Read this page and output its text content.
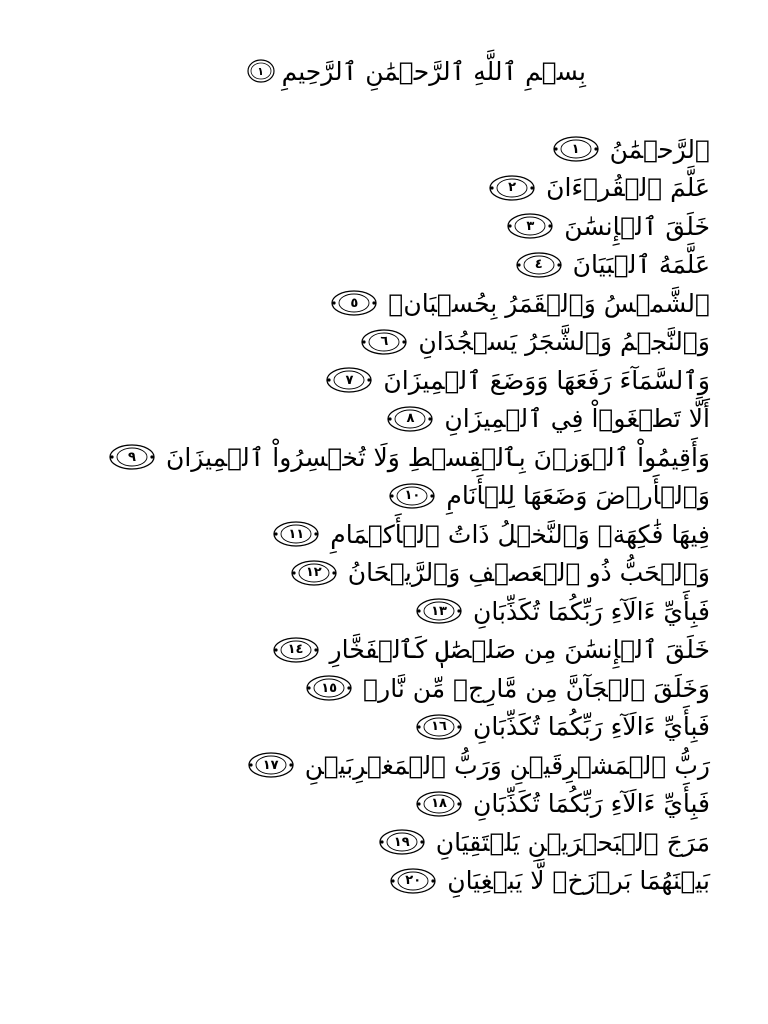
بِسۡمِ ٱللَّهِ ٱلرَّحۡمَٰنِ ٱلرَّحِيمِ
١
ٱلرَّحۡمَٰنُ
١
عَلَّمَ ٱلۡقُرۡءَانَ
٢
خَلَقَ ٱلۡإِنسَٰنَ
٣
عَلَّمَهُ ٱلۡبَيَانَ
٤
ٱلشَّمۡسُ وَٱلۡقَمَرُ بِحُسۡبَانٖ
٥
وَٱلنَّجۡمُ وَٱلشَّجَرُ يَسۡجُدَانِ
٦
وَٱلسَّمَآءَ رَفَعَهَا وَوَضَعَ ٱلۡمِيزَانَ
٧
أَلَّا تَطۡغَوۡاْ فِي ٱلۡمِيزَانِ
٨
وَأَقِيمُواْ ٱلۡوَزۡنَ بِٱلۡقِسۡطِ وَلَا تُخۡسِرُواْ ٱلۡمِيزَانَ
٩
وَٱلۡأَرۡضَ وَضَعَهَا لِلۡأَنَامِ
١٠
فِيهَا فَٰكِهَةٞ وَٱلنَّخۡلُ ذَاتُ ٱلۡأَكۡمَامِ
١١
وَٱلۡحَبُّ ذُو ٱلۡعَصۡفِ وَٱلرَّيۡحَانُ
١٢
فَبِأَيِّ ءَالَآءِ رَبِّكُمَا تُكَذِّبَانِ
١٣
خَلَقَ ٱلۡإِنسَٰنَ مِن صَلۡصَٰلٖ كَٱلۡفَخَّارِ
١٤
وَخَلَقَ ٱلۡجَآنَّ مِن مَّارِجٖ مِّن نَّارٖ
١٥
فَبِأَيِّ ءَالَآءِ رَبِّكُمَا تُكَذِّبَانِ
١٦
رَبُّ ٱلۡمَشۡرِقَيۡنِ وَرَبُّ ٱلۡمَغۡرِبَيۡنِ
١٧
فَبِأَيِّ ءَالَآءِ رَبِّكُمَا تُكَذِّبَانِ
١٨
مَرَجَ ٱلۡبَحۡرَيۡنِ يَلۡتَقِيَانِ
١٩
بَيۡنَهُمَا بَرۡزَخٞ لَّا يَبۡغِيَانِ
٢٠
